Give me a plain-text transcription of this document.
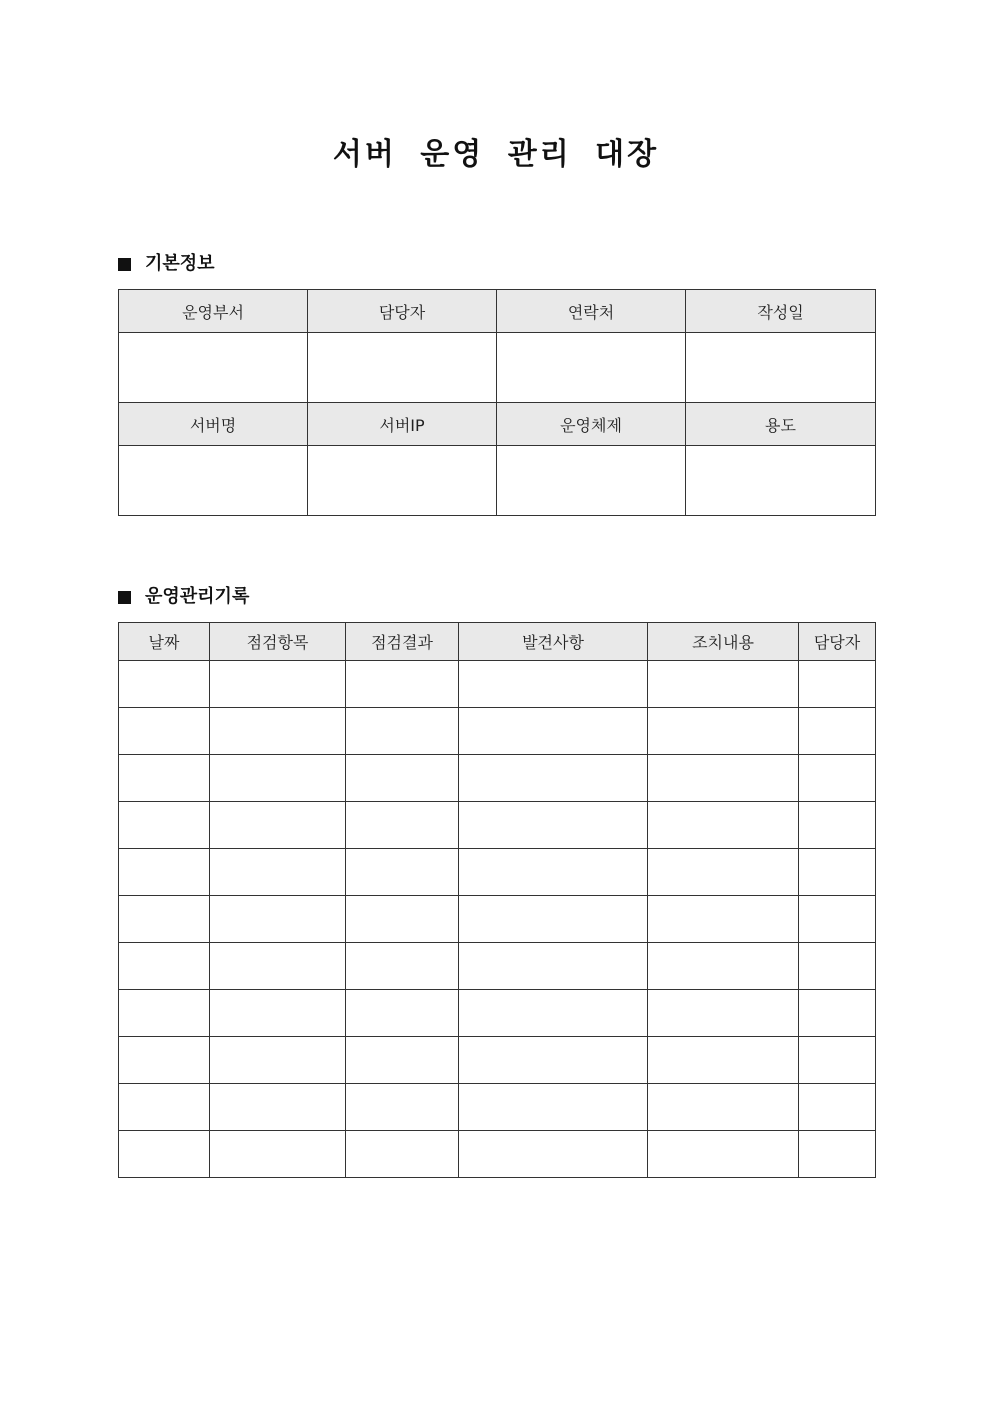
서버 운영 관리 대장
기본정보
운영부서	담당자	연락처	작성일

서버명	서버IP	운영체제	용도

운영관리기록
날짜	점검항목	점검결과	발견사항	조치내용	담당자
